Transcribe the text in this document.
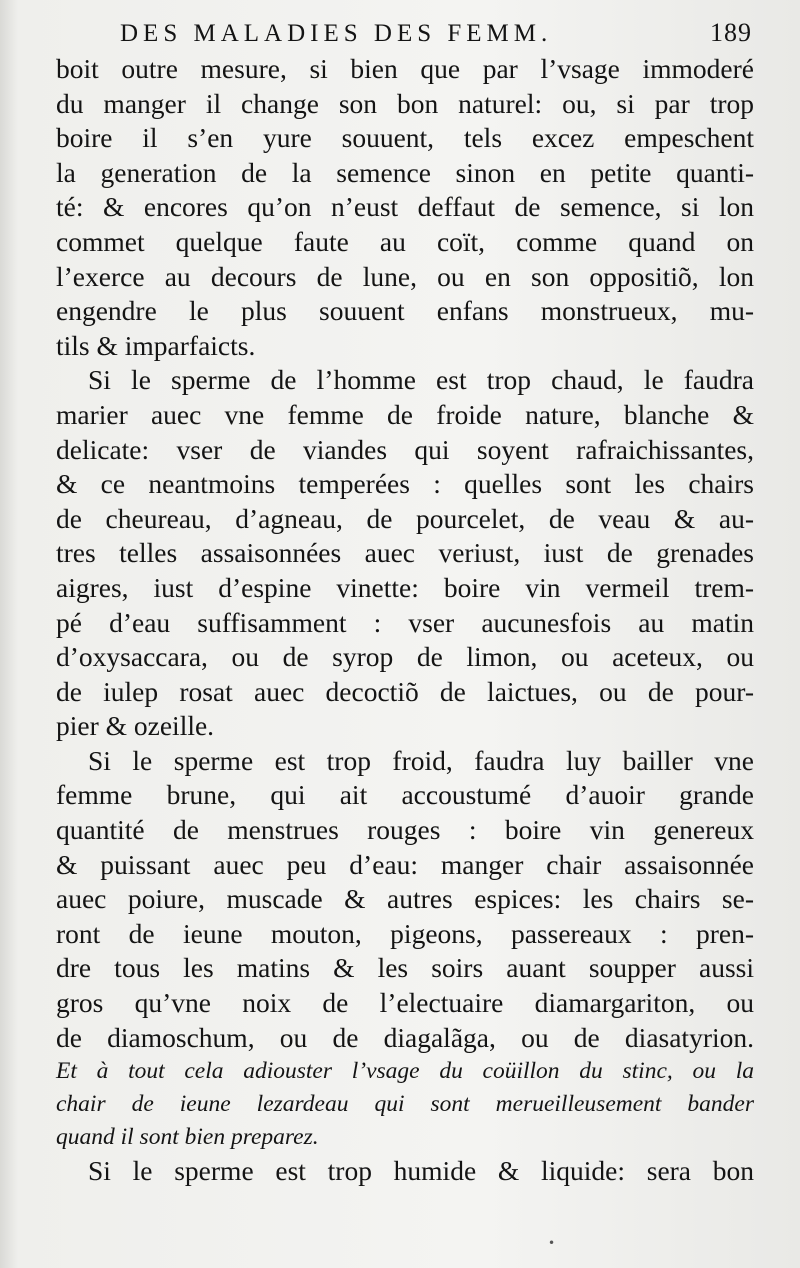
DES MALADIES DES FEMM.	189
boit outre mesure, si bien que par l’vsage immoderé
du manger il change son bon naturel: ou, si par trop
boire il s’en yure souuent, tels excez empeschent
la generation de la semence sinon en petite quanti-
té: & encores qu’on n’eust deffaut de semence, si lon
commet quelque faute au coït, comme quand on
l’exerce au decours de lune, ou en son oppositiõ, lon
engendre le plus souuent enfans monstrueux, mu-
tils & imparfaicts.
Si le sperme de l’homme est trop chaud, le faudra
marier auec vne femme de froide nature, blanche &
delicate: vser de viandes qui soyent rafraichissantes,
& ce neantmoins temperées : quelles sont les chairs
de cheureau, d’agneau, de pourcelet, de veau & au-
tres telles assaisonnées auec veriust, iust de grenades
aigres, iust d’espine vinette: boire vin vermeil trem-
pé d’eau suffisamment : vser aucunesfois au matin
d’oxysaccara, ou de syrop de limon, ou aceteux, ou
de iulep rosat auec decoctiõ de laictues, ou de pour-
pier & ozeille.
Si le sperme est trop froid, faudra luy bailler vne
femme brune, qui ait accoustumé d’auoir grande
quantité de menstrues rouges : boire vin genereux
& puissant auec peu d’eau: manger chair assaisonnée
auec poiure, muscade & autres espices: les chairs se-
ront de ieune mouton, pigeons, passereaux : pren-
dre tous les matins & les soirs auant soupper aussi
gros qu’vne noix de l’electuaire diamargariton, ou
de diamoschum, ou de diagalãga, ou de diasatyrion.
Et à tout cela adiouster l’vsage du coüillon du stinc, ou la
chair de ieune lezardeau qui sont merueilleusement bander
quand il sont bien preparez.
Si le sperme est trop humide & liquide: sera bon
•
